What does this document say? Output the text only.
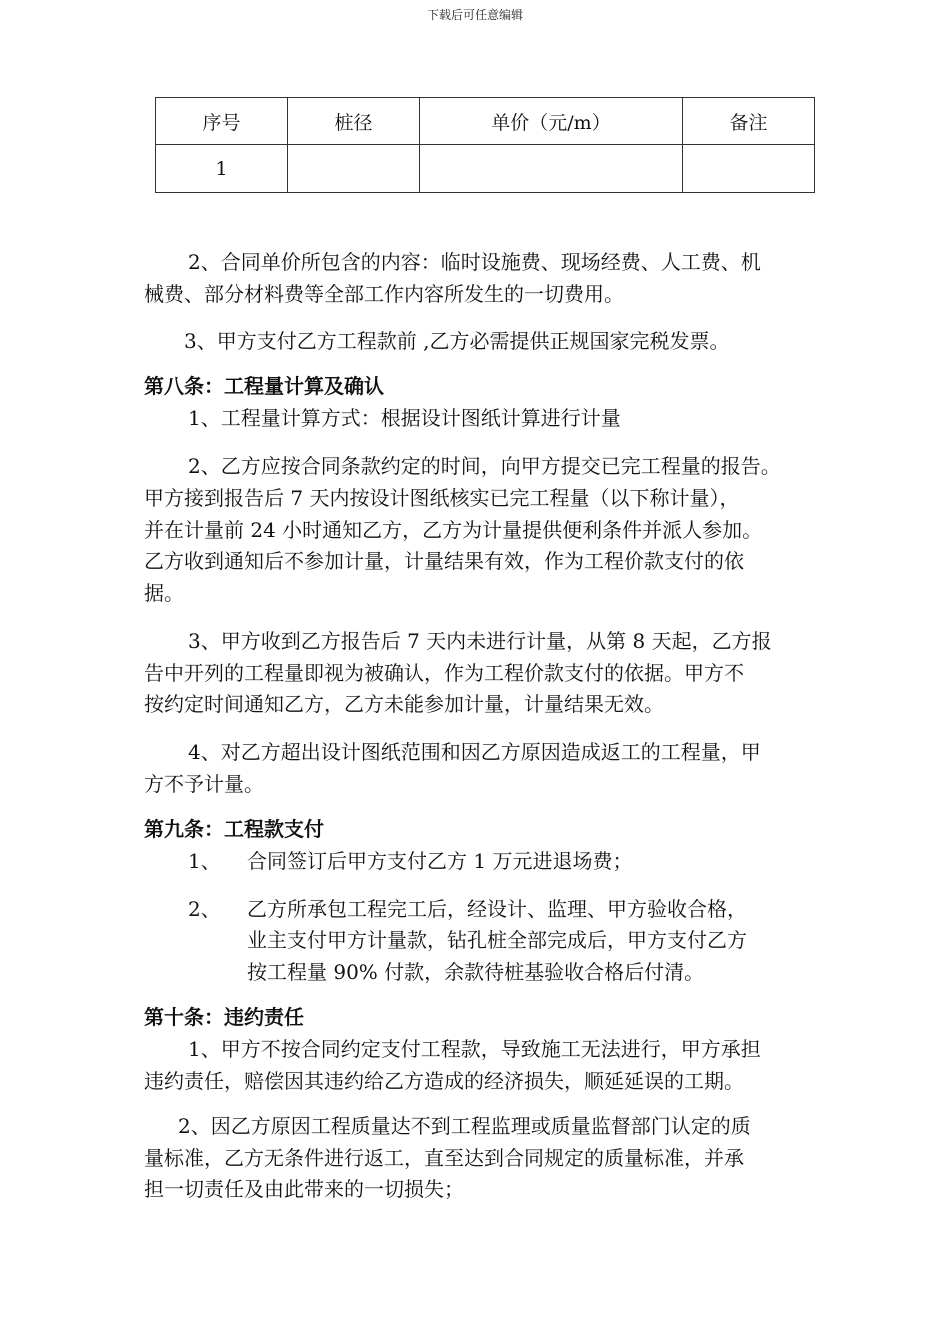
下载后可任意编辑
序号	桩径	单价（元/m）	备注
1			
2、合同单价所包含的内容：临时设施费、现场经费、人工费、机
械费、部分材料费等全部工作内容所发生的一切费用。
3、甲方支付乙方工程款前 ,乙方必需提供正规国家完税发票。
第八条：工程量计算及确认
1、工程量计算方式：根据设计图纸计算进行计量
2、乙方应按合同条款约定的时间，向甲方提交已完工程量的报告。
甲方接到报告后 7 天内按设计图纸核实已完工程量（以下称计量），
并在计量前 24 小时通知乙方，乙方为计量提供便利条件并派人参加。
乙方收到通知后不参加计量，计量结果有效，作为工程价款支付的依
据。
3、甲方收到乙方报告后 7 天内未进行计量，从第 8 天起，乙方报
告中开列的工程量即视为被确认，作为工程价款支付的依据。甲方不
按约定时间通知乙方，乙方未能参加计量，计量结果无效。
4、对乙方超出设计图纸范围和因乙方原因造成返工的工程量，甲
方不予计量。
第九条：工程款支付
1、 合同签订后甲方支付乙方 1 万元进退场费；
2、 乙方所承包工程完工后，经设计、监理、甲方验收合格，
业主支付甲方计量款，钻孔桩全部完成后，甲方支付乙方
按工程量 90% 付款，余款待桩基验收合格后付清。
第十条：违约责任
1、甲方不按合同约定支付工程款，导致施工无法进行，甲方承担
违约责任，赔偿因其违约给乙方造成的经济损失，顺延延误的工期。
2、因乙方原因工程质量达不到工程监理或质量监督部门认定的质
量标准，乙方无条件进行返工，直至达到合同规定的质量标准，并承
担一切责任及由此带来的一切损失；
